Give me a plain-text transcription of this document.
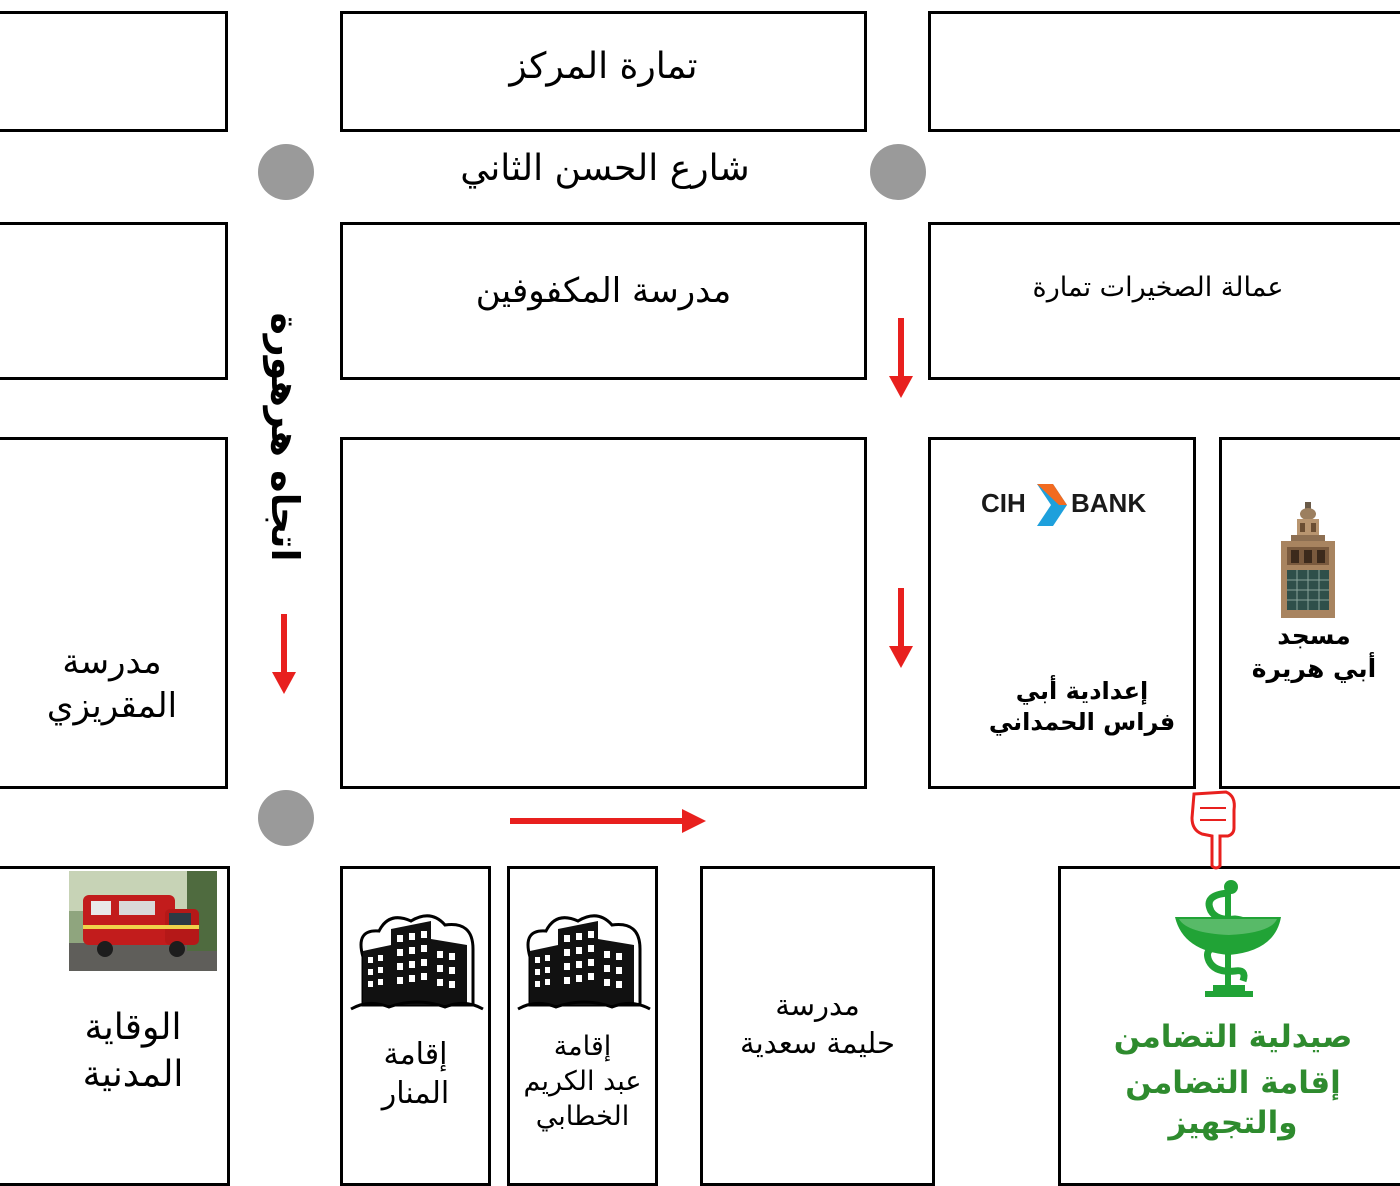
تمارة المركز
شارع الحسن الثاني
مدرسة المكفوفين	عمالة الصخيرات تمارة
مدرسة
المقريزي
CIH BANK
إعدادية أبي
فراس الحمداني
مسجد
أبي هريرة
الوقاية
المدنية	إقامة
المنار
إقامة
عبد الكريم
الخطابي
مدرسة
حليمة سعدية	صيدلية التضامن
إقامة التضامن
والتجهيز
اتجاه هرهورة
